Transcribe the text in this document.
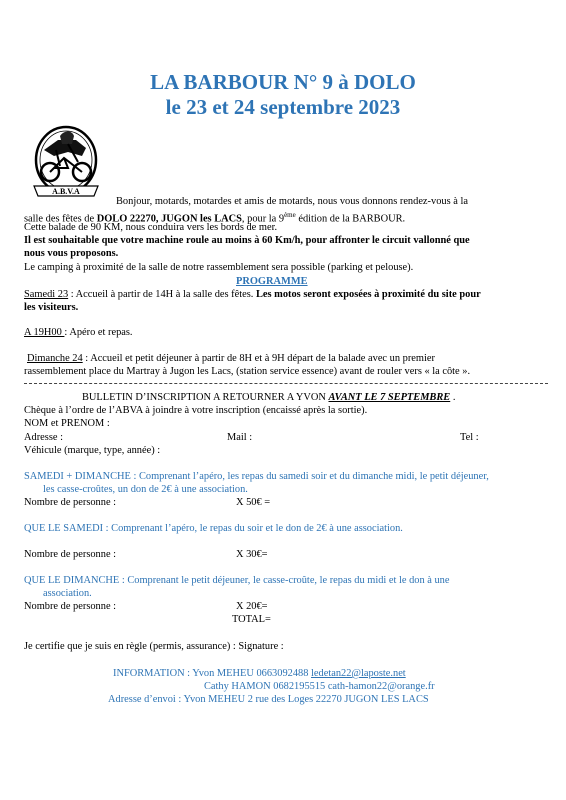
LA BARBOUR N° 9 à DOLO
le 23 et 24 septembre 2023
A.B.V.A
Bonjour, motards, motardes et amis de motards, nous vous donnons rendez-vous à la
salle des fêtes de DOLO 22270, JUGON les LACS, pour la 9ème édition de la BARBOUR.
Cette balade de 90 KM, nous conduira vers les bords de mer.
Il est souhaitable que votre machine roule au moins à 60 Km/h, pour affronter le circuit vallonné que
nous vous proposons.
Le camping à proximité de la salle de notre rassemblement sera possible (parking et pelouse).
PROGRAMME
Samedi 23 : Accueil à partir de 14H à la salle des fêtes. Les motos seront exposées à proximité du site pour
les visiteurs.
A 19H00 : Apéro et repas.
Dimanche 24 : Accueil et petit déjeuner à partir de 8H et à 9H départ de la balade avec un premier
rassemblement place du Martray à Jugon les Lacs, (station service essence) avant de rouler vers « la côte ».
BULLETIN D’INSCRIPTION A RETOURNER A YVON AVANT LE 7 SEPTEMBRE .
Chèque à l’ordre de l’ABVA à joindre à votre inscription (encaissé après la sortie).
NOM et PRENOM :
Adresse :	Mail :	Tel :
Véhicule (marque, type, année) :
SAMEDI + DIMANCHE : Comprenant l’apéro, les repas du samedi soir et du dimanche midi, le petit déjeuner,
les casse-croûtes, un don de 2€ à une association.
Nombre de personne :	X 50€ =
QUE LE SAMEDI : Comprenant l’apéro, le repas du soir et le don de 2€ à une association.
Nombre de personne :	X 30€=
QUE LE DIMANCHE : Comprenant le petit déjeuner, le casse-croûte, le repas du midi et le don à une
association.
Nombre de personne :	X 20€=
TOTAL=
Je certifie que je suis en règle (permis, assurance) : Signature :
INFORMATION : Yvon MEHEU 0663092488 ledetan22@laposte.net
Cathy HAMON 0682195515 cath-hamon22@orange.fr
Adresse d’envoi : Yvon MEHEU 2 rue des Loges 22270 JUGON LES LACS
